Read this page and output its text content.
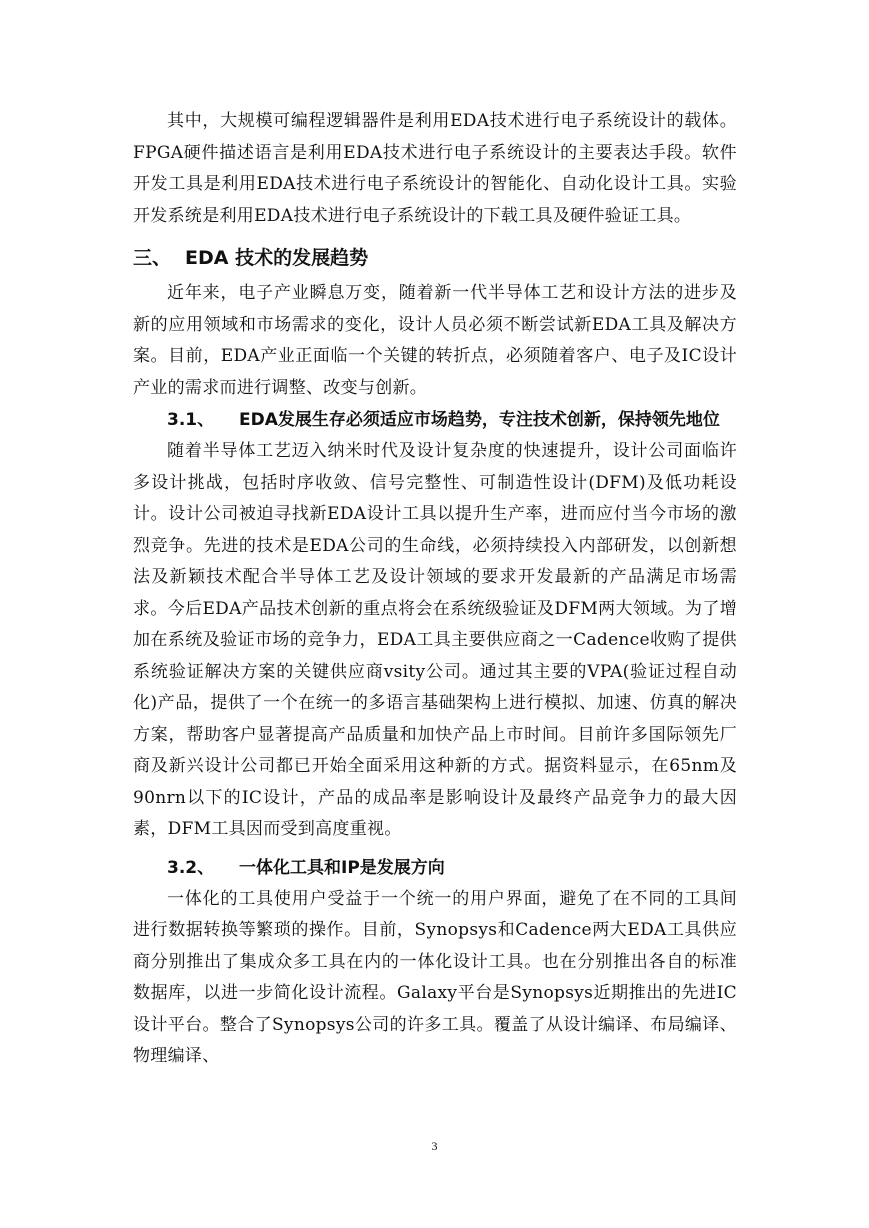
其中，大规模可编程逻辑器件是利用EDA技术进行电子系统设计的载体。FPGA硬件描述语言是利用EDA技术进行电子系统设计的主要表达手段。软件开发工具是利用EDA技术进行电子系统设计的智能化、自动化设计工具。实验开发系统是利用EDA技术进行电子系统设计的下载工具及硬件验证工具。

三、 EDA 技术的发展趋势

近年来，电子产业瞬息万变，随着新一代半导体工艺和设计方法的进步及新的应用领域和市场需求的变化，设计人员必须不断尝试新EDA工具及解决方案。目前，EDA产业正面临一个关键的转折点，必须随着客户、电子及IC设计产业的需求而进行调整、改变与创新。

3.1、 EDA发展生存必须适应市场趋势，专注技术创新，保持领先地位

随着半导体工艺迈入纳米时代及设计复杂度的快速提升，设计公司面临许多设计挑战，包括时序收敛、信号完整性、可制造性设计(DFM)及低功耗设计。设计公司被迫寻找新EDA设计工具以提升生产率，进而应付当今市场的激烈竞争。先进的技术是EDA公司的生命线，必须持续投入内部研发，以创新想法及新颖技术配合半导体工艺及设计领域的要求开发最新的产品满足市场需求。今后EDA产品技术创新的重点将会在系统级验证及DFM两大领域。为了增加在系统及验证市场的竞争力，EDA工具主要供应商之一Cadence收购了提供系统验证解决方案的关键供应商vsity公司。通过其主要的VPA(验证过程自动化)产品，提供了一个在统一的多语言基础架构上进行模拟、加速、仿真的解决方案，帮助客户显著提高产品质量和加快产品上市时间。目前许多国际领先厂商及新兴设计公司都已开始全面采用这种新的方式。据资料显示，在65nm及90nrn以下的IC设计，产品的成品率是影响设计及最终产品竞争力的最大因素，DFM工具因而受到高度重视。

3.2、 一体化工具和IP是发展方向

一体化的工具使用户受益于一个统一的用户界面，避免了在不同的工具间进行数据转换等繁琐的操作。目前，Synopsys和Cadence两大EDA工具供应商分别推出了集成众多工具在内的一体化设计工具。也在分别推出各自的标准数据库，以进一步简化设计流程。Galaxy平台是Synopsys近期推出的先进IC设计平台。整合了Synopsys公司的许多工具。覆盖了从设计编译、布局编译、物理编译、

3
